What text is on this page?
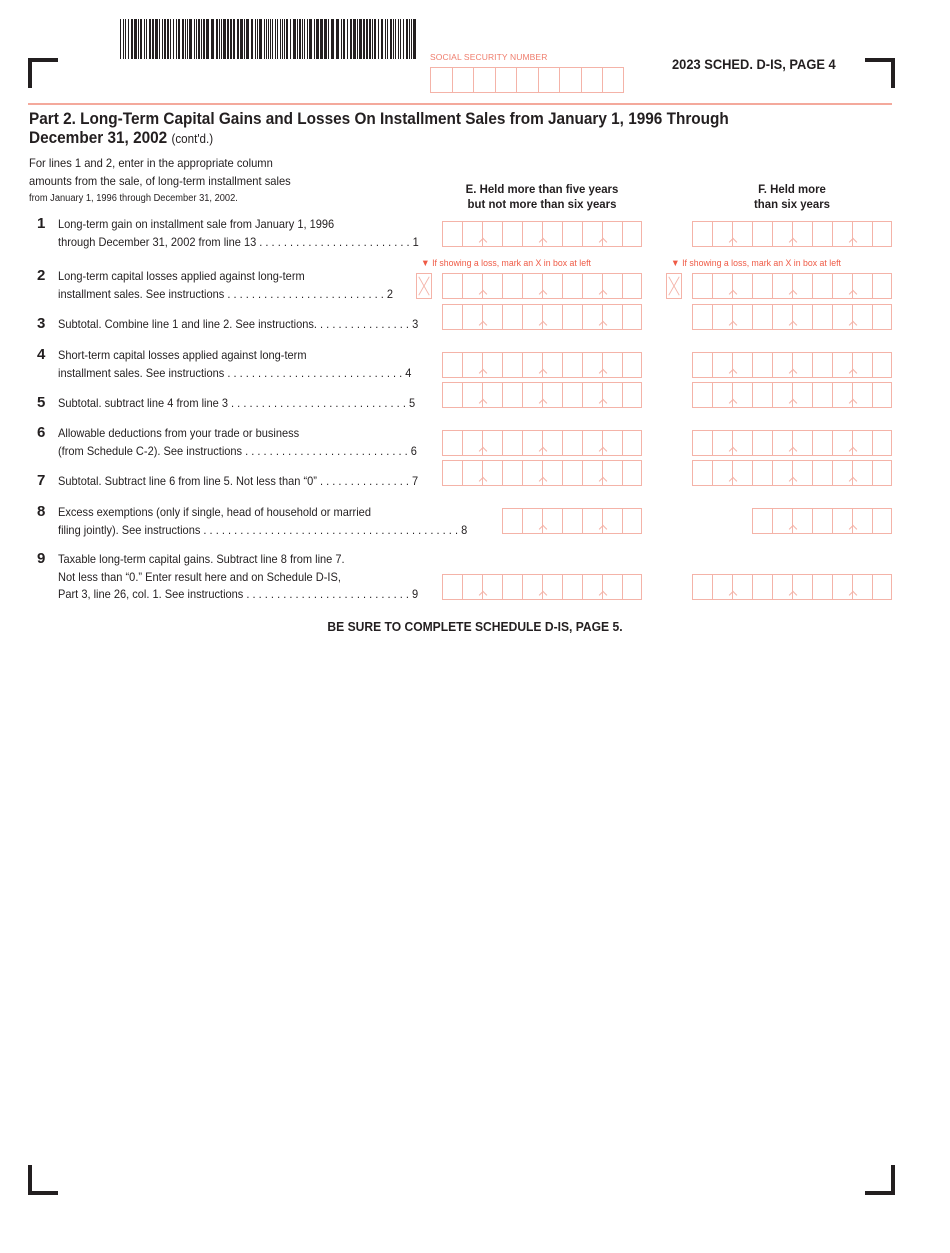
SOCIAL SECURITY NUMBER	2023 SCHED. D-IS, PAGE 4
Part 2. Long-Term Capital Gains and Losses On Installment Sales from January 1, 1996 Through
December 31, 2002 (cont'd.)
For lines 1 and 2, enter in the appropriate column
amounts from the sale, of long-term installment sales
from January 1, 1996 through December 31, 2002.
E. Held more than five years
but not more than six years
F. Held more
than six years
1 Long-term gain on installment sale from January 1, 1996
through December 31, 2002 from line 13 . . . . . . . . . . . . . . . . . . . . . . . . . 1
▼ If showing a loss, mark an X in box at left	▼ If showing a loss, mark an X in box at left
2 Long-term capital losses applied against long-term
installment sales. See instructions . . . . . . . . . . . . . . . . . . . . . . . . . . 2
3 Subtotal. Combine line 1 and line 2. See instructions. . . . . . . . . . . . . . . . 3
4 Short-term capital losses applied against long-term
installment sales. See instructions . . . . . . . . . . . . . . . . . . . . . . . . . . . . . 4
5 Subtotal. subtract line 4 from line 3 . . . . . . . . . . . . . . . . . . . . . . . . . . . . . 5
6 Allowable deductions from your trade or business
(from Schedule C-2). See instructions . . . . . . . . . . . . . . . . . . . . . . . . . . . 6
7 Subtotal. Subtract line 6 from line 5. Not less than “0” . . . . . . . . . . . . . . . 7
8 Excess exemptions (only if single, head of household or married
filing jointly). See instructions . . . . . . . . . . . . . . . . . . . . . . . . . . . . . . . . . . . . . . . . . . 8
9 Taxable long-term capital gains. Subtract line 8 from line 7.
Not less than “0.” Enter result here and on Schedule D-IS,
Part 3, line 26, col. 1. See instructions . . . . . . . . . . . . . . . . . . . . . . . . . . . 9
BE SURE TO COMPLETE SCHEDULE D-IS, PAGE 5.
